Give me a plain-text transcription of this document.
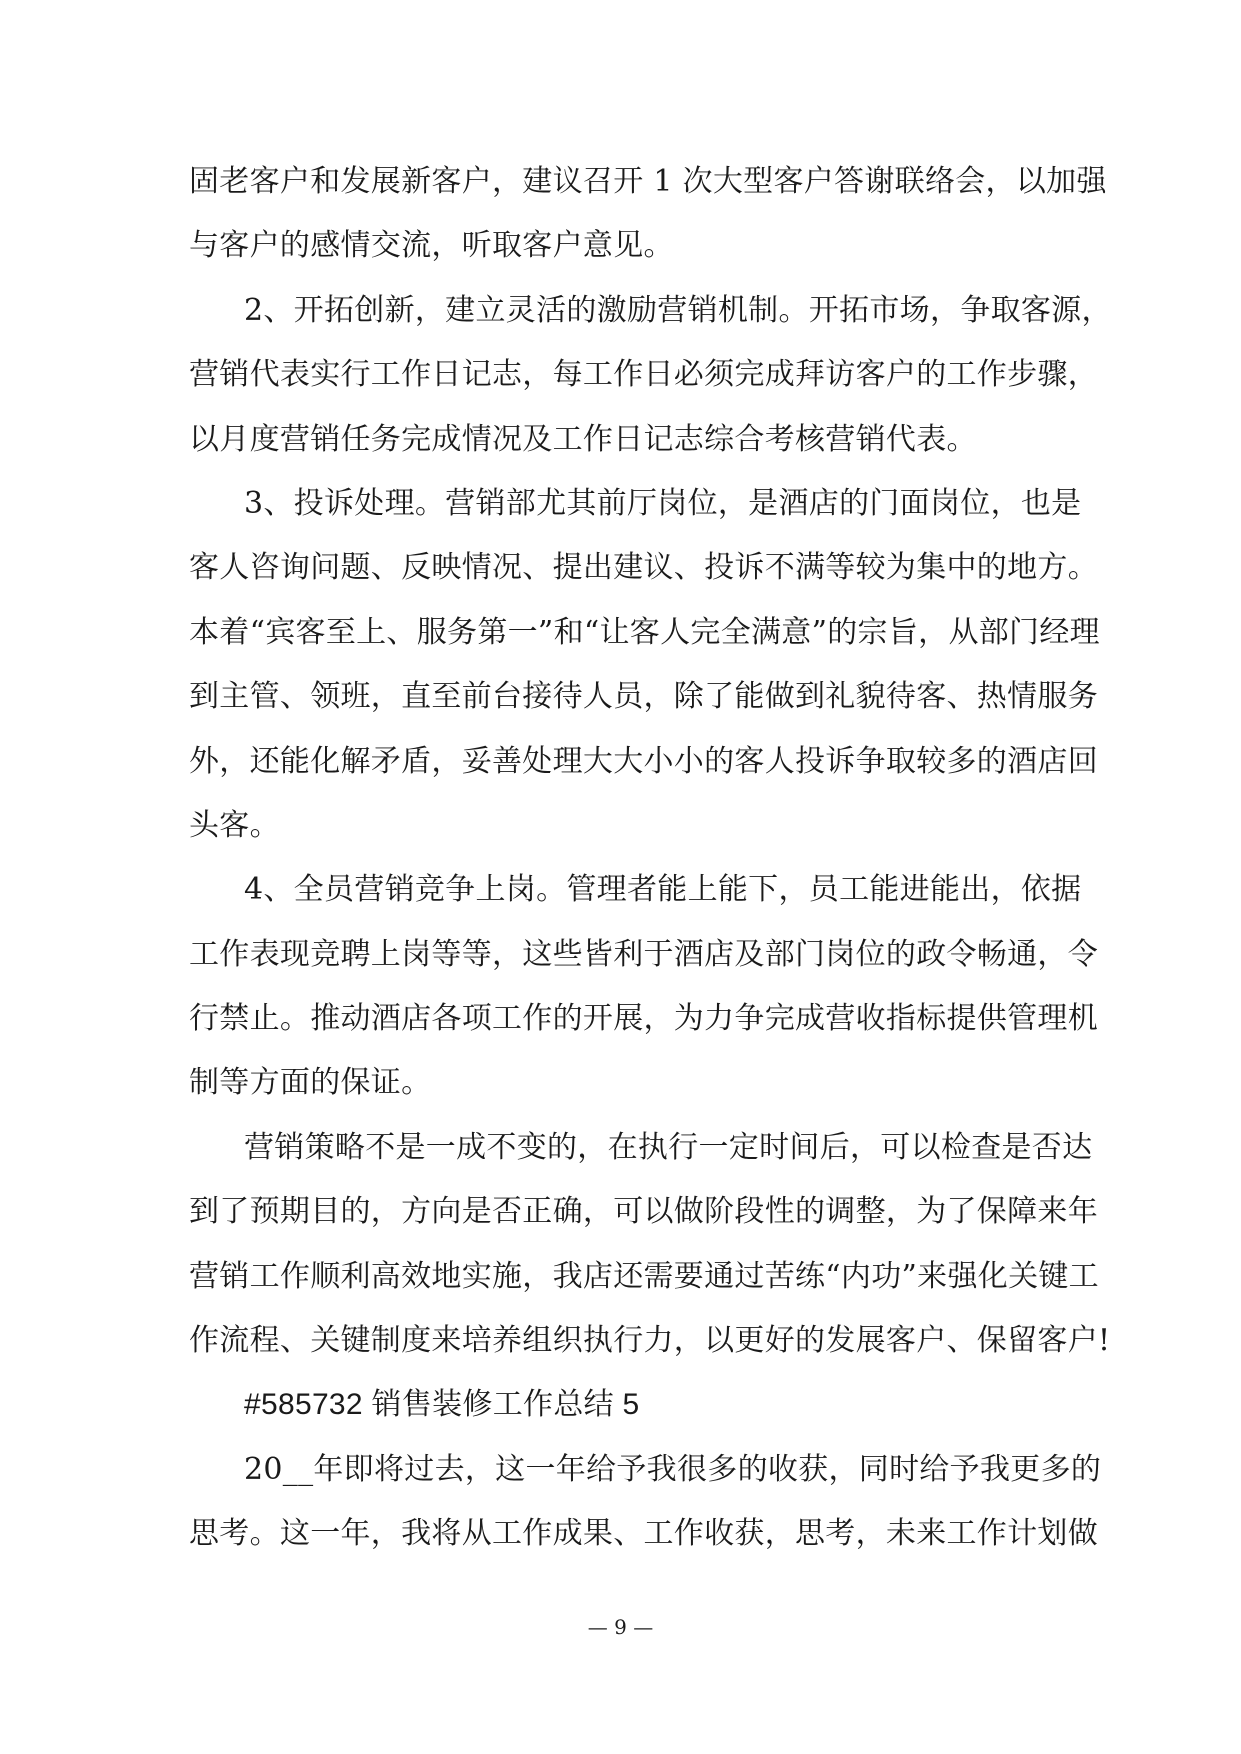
固老客户和发展新客户，建议召开 1 次大型客户答谢联络会，以加强
与客户的感情交流，听取客户意见。
2、开拓创新，建立灵活的激励营销机制。开拓市场，争取客源，
营销代表实行工作日记志，每工作日必须完成拜访客户的工作步骤，
以月度营销任务完成情况及工作日记志综合考核营销代表。
3、投诉处理。营销部尤其前厅岗位，是酒店的门面岗位，也是
客人咨询问题、反映情况、提出建议、投诉不满等较为集中的地方。
本着“宾客至上、服务第一”和“让客人完全满意”的宗旨，从部门经理
到主管、领班，直至前台接待人员，除了能做到礼貌待客、热情服务
外，还能化解矛盾，妥善处理大大小小的客人投诉争取较多的酒店回
头客。
4、全员营销竞争上岗。管理者能上能下，员工能进能出，依据
工作表现竞聘上岗等等，这些皆利于酒店及部门岗位的政令畅通，令
行禁止。推动酒店各项工作的开展，为力争完成营收指标提供管理机
制等方面的保证。
营销策略不是一成不变的，在执行一定时间后，可以检查是否达
到了预期目的，方向是否正确，可以做阶段性的调整，为了保障来年
营销工作顺利高效地实施，我店还需要通过苦练“内功”来强化关键工
作流程、关键制度来培养组织执行力，以更好的发展客户、保留客户!
#585732 销售装修工作总结 5
20__年即将过去，这一年给予我很多的收获，同时给予我更多的
思考。这一年，我将从工作成果、工作收获，思考，未来工作计划做
— 9 —
